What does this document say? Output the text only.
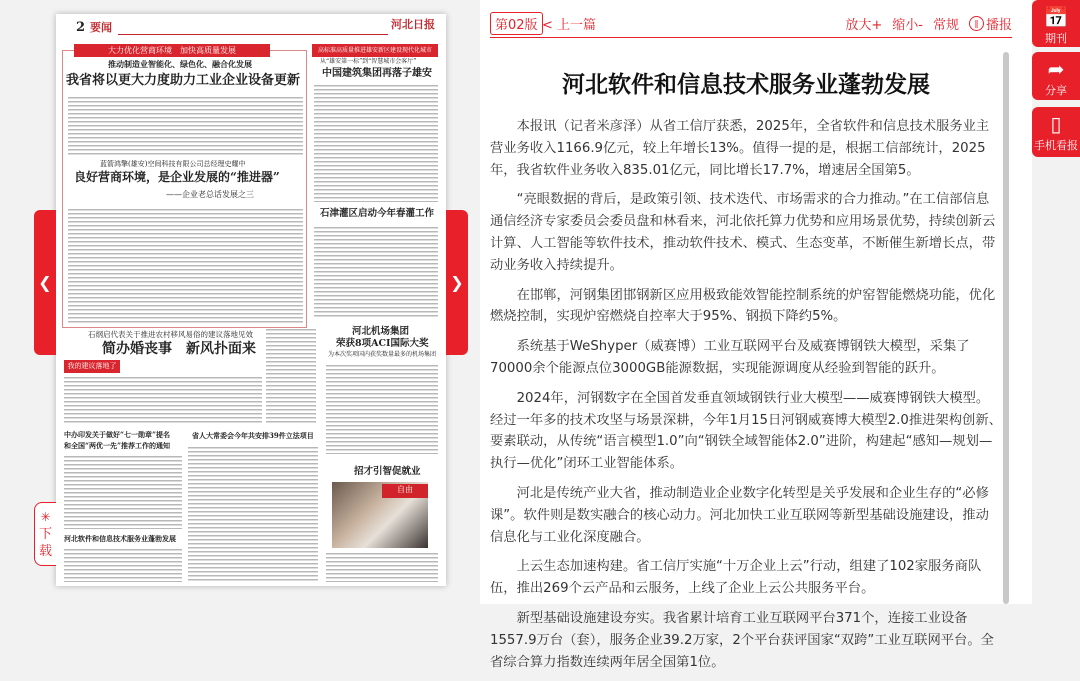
2 要闻	河北日报
大力优化营商环境　加快高质量发展
推动制造业智能化、绿色化、融合化发展
我省将以更大力度助力工业企业设备更新
蓝箭鸿擎(雄安)空间科技有限公司总经理史耀中
良好营商环境，是企业发展的“推进器”
——企业老总话发展之三
高标准高质量推进雄安新区建设现代化城市
从“雄安第一标”到“智慧城市会客厅”
中国建筑集团再落子雄安
石津灌区启动今年春灌工作
石纲启代表关于推进农村移风易俗的建议落地见效
简办婚丧事　新风扑面来
我的建议落地了
河北机场集团
荣获8项ACI国际大奖
为本次奖项国内获奖数量最多的机场集团
中办印发关于做好“七一勋章”提名
和全国“两优一先”推荐工作的通知
河北软件和信息技术服务业蓬勃发展
省人大常委会今年共安排39件立法项目
招才引智促就业
自由
❮	❯
✳
下
载
第02版 < 上一篇	放大+ 缩小- 常规	‖ 播报
河北软件和信息技术服务业蓬勃发展

本报讯（记者米彦泽）从省工信厅获悉，2025年，全省软件和信息技术服务业主营业务收入1166.9亿元，较上年增长13%。值得一提的是，根据工信部统计，2025年，我省软件业务收入835.01亿元，同比增长17.7%，增速居全国第5。

“亮眼数据的背后，是政策引领、技术迭代、市场需求的合力推动。”在工信部信息通信经济专家委员会委员盘和林看来，河北依托算力优势和应用场景优势，持续创新云计算、人工智能等软件技术，推动软件技术、模式、生态变革，不断催生新增长点，带动业务收入持续提升。

在邯郸，河钢集团邯钢新区应用极致能效智能控制系统的炉窑智能燃烧功能，优化燃烧控制，实现炉窑燃烧自控率大于95%、钢损下降约5%。

系统基于WeShyper（威赛博）工业互联网平台及威赛博钢铁大模型，采集了70000余个能源点位3000GB能源数据，实现能源调度从经验到智能的跃升。

2024年，河钢数字在全国首发垂直领域钢铁行业大模型——威赛博钢铁大模型。经过一年多的技术攻坚与场景深耕，今年1月15日河钢威赛博大模型2.0推进架构创新、要素联动，从传统“语言模型1.0”向“钢铁全域智能体2.0”进阶，构建起“感知—规划—执行—优化”闭环工业智能体系。

河北是传统产业大省，推动制造业企业数字化转型是关乎发展和企业生存的“必修课”。软件则是数实融合的核心动力。河北加快工业互联网等新型基础设施建设，推动信息化与工业化深度融合。

上云生态加速构建。省工信厅实施“十万企业上云”行动，组建了102家服务商队伍，推出269个云产品和云服务，上线了企业上云公共服务平台。

新型基础设施建设夯实。我省累计培育工业互联网平台371个，连接工业设备1557.9万台（套），服务企业39.2万家，2个平台获评国家“双跨”工业互联网平台。全省综合算力指数连续两年居全国第1位。

📅
期刊
➦
分享
▯
手机看报
